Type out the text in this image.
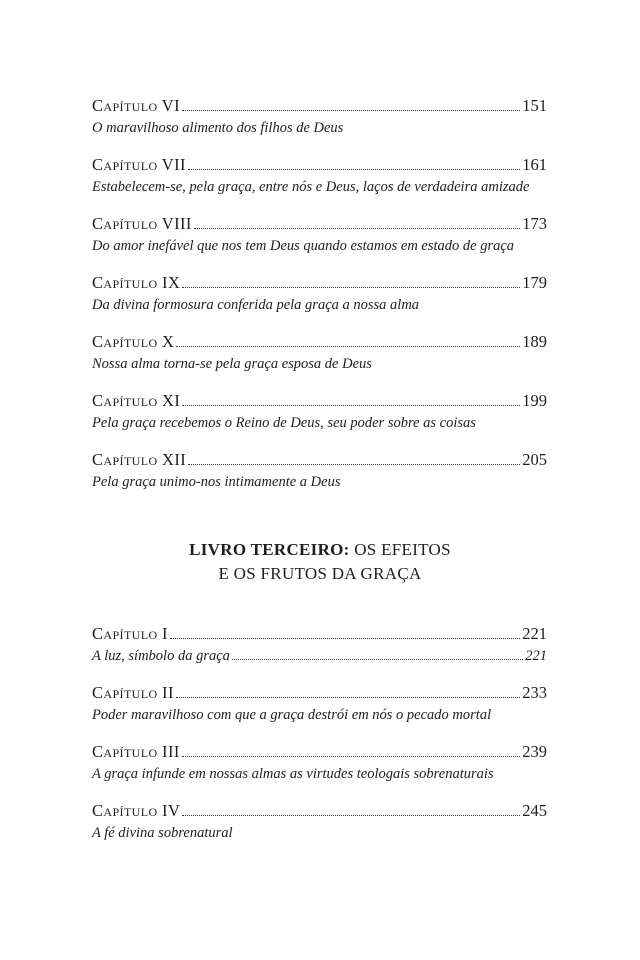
Capítulo VI	151
O maravilhoso alimento dos filhos de Deus
Capítulo VII	161
Estabelecem-se, pela graça, entre nós e Deus, laços de verdadeira amizade
Capítulo VIII	173
Do amor inefável que nos tem Deus quando estamos em estado de graça
Capítulo IX	179
Da divina formosura conferida pela graça a nossa alma
Capítulo X	189
Nossa alma torna-se pela graça esposa de Deus
Capítulo XI	199
Pela graça recebemos o Reino de Deus, seu poder sobre as coisas
Capítulo XII	205
Pela graça unimo-nos intimamente a Deus
LIVRO TERCEIRO: OS EFEITOS
E OS FRUTOS DA GRAÇA
Capítulo I	221
A luz, símbolo da graça	221
Capítulo II	233
Poder maravilhoso com que a graça destrói em nós o pecado mortal
Capítulo III	239
A graça infunde em nossas almas as virtudes teologais sobrenaturais
Capítulo IV	245
A fé divina sobrenatural
